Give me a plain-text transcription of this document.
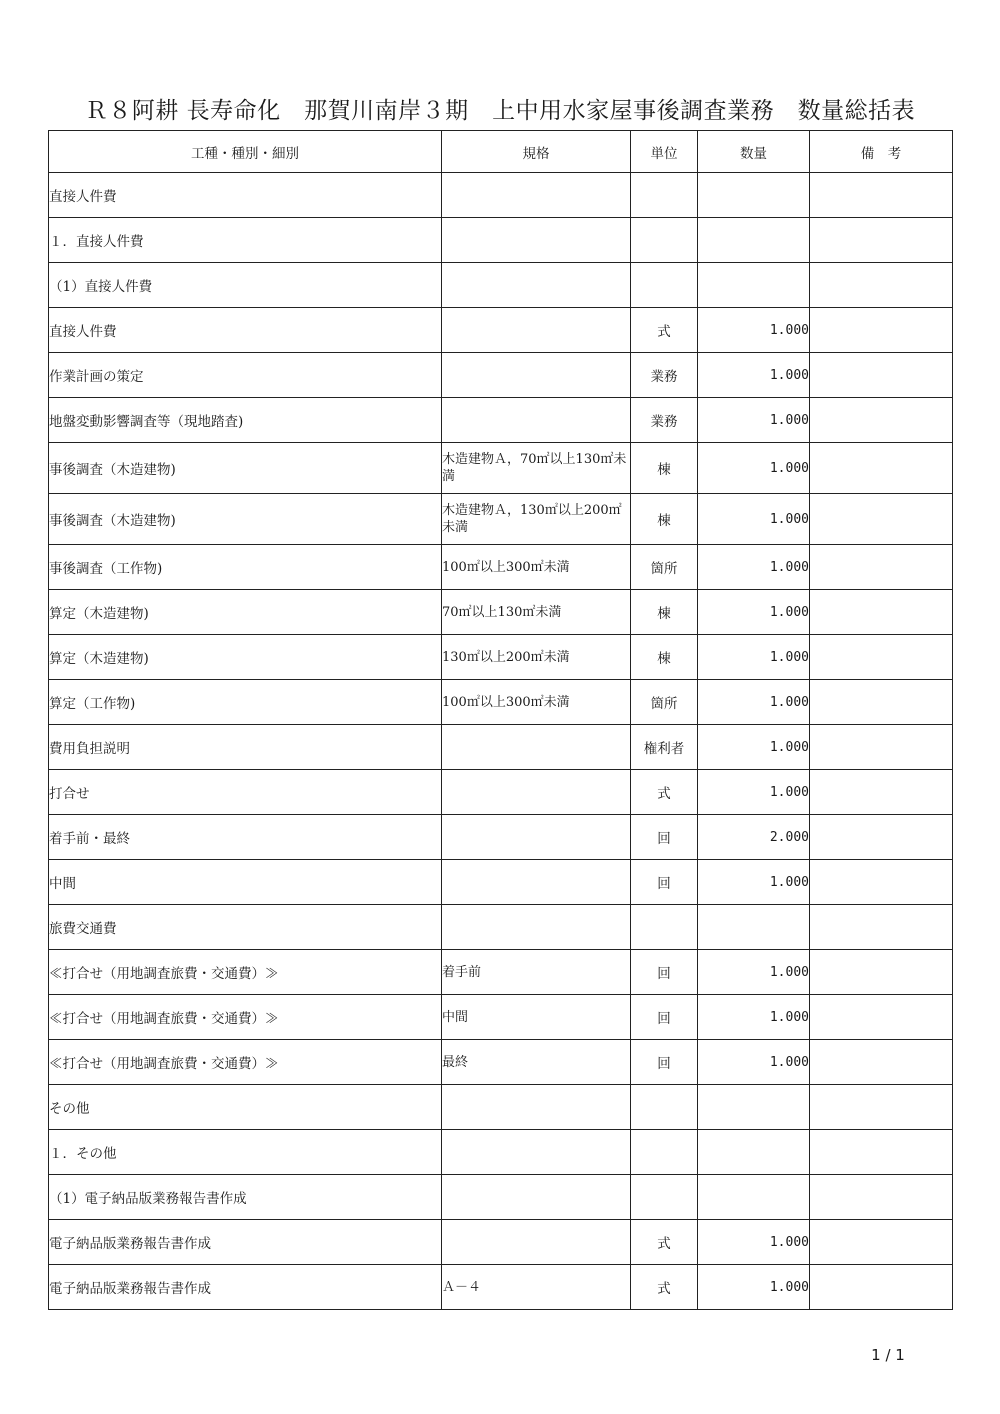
Ｒ８阿耕 長寿命化　那賀川南岸３期　上中用水家屋事後調査業務　数量総括表
工種・種別・細別	規格	単位	数量	備　考
直接人件費				
１．直接人件費				
（1）直接人件費				
直接人件費		式	1.000	
作業計画の策定		業務	1.000	
地盤変動影響調査等（現地踏査)		業務	1.000	
事後調査（木造建物)	木造建物Ａ，70㎡以上130㎡未満	棟	1.000	
事後調査（木造建物)	木造建物Ａ，130㎡以上200㎡未満	棟	1.000	
事後調査（工作物)	100㎡以上300㎡未満	箇所	1.000	
算定（木造建物)	70㎡以上130㎡未満	棟	1.000	
算定（木造建物)	130㎡以上200㎡未満	棟	1.000	
算定（工作物)	100㎡以上300㎡未満	箇所	1.000	
費用負担説明		権利者	1.000	
打合せ		式	1.000	
着手前・最終		回	2.000	
中間		回	1.000	
旅費交通費				
≪打合せ（用地調査旅費・交通費）≫	着手前	回	1.000	
≪打合せ（用地調査旅費・交通費）≫	中間	回	1.000	
≪打合せ（用地調査旅費・交通費）≫	最終	回	1.000	
その他				
１．その他				
（1）電子納品版業務報告書作成				
電子納品版業務報告書作成		式	1.000	
電子納品版業務報告書作成	Ａ－４	式	1.000	
1 / 1
